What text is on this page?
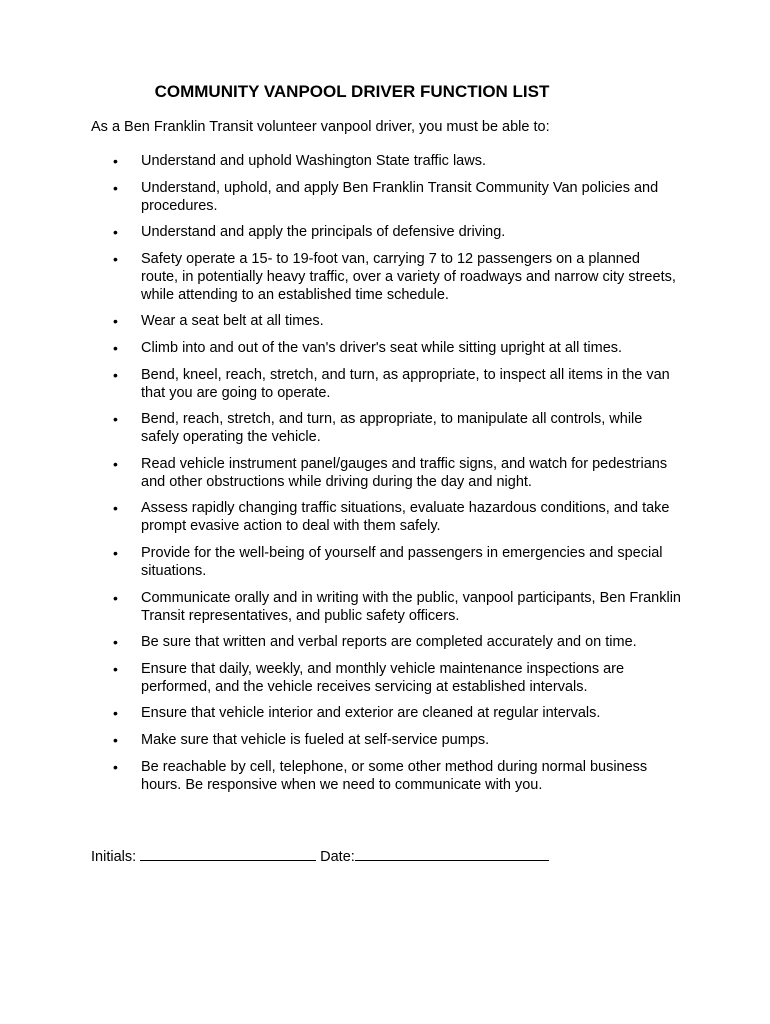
COMMUNITY VANPOOL DRIVER FUNCTION LIST
As a Ben Franklin Transit volunteer vanpool driver, you must be able to:
• Understand and uphold Washington State traffic laws.
• Understand, uphold, and apply Ben Franklin Transit Community Van policies and procedures.
• Understand and apply the principals of defensive driving.
• Safety operate a 15- to 19-foot van, carrying 7 to 12 passengers on a planned route, in potentially heavy traffic, over a variety of roadways and narrow city streets, while attending to an established time schedule.
• Wear a seat belt at all times.
• Climb into and out of the van's driver's seat while sitting upright at all times.
• Bend, kneel, reach, stretch, and turn, as appropriate, to inspect all items in the van that you are going to operate.
• Bend, reach, stretch, and turn, as appropriate, to manipulate all controls, while safely operating the vehicle.
• Read vehicle instrument panel/gauges and traffic signs, and watch for pedestrians and other obstructions while driving during the day and night.
• Assess rapidly changing traffic situations, evaluate hazardous conditions, and take prompt evasive action to deal with them safely.
• Provide for the well-being of yourself and passengers in emergencies and special situations.
• Communicate orally and in writing with the public, vanpool participants, Ben Franklin Transit representatives, and public safety officers.
• Be sure that written and verbal reports are completed accurately and on time.
• Ensure that daily, weekly, and monthly vehicle maintenance inspections are performed, and the vehicle receives servicing at established intervals.
• Ensure that vehicle interior and exterior are cleaned at regular intervals.
• Make sure that vehicle is fueled at self-service pumps.
• Be reachable by cell, telephone, or some other method during normal business hours. Be responsive when we need to communicate with you.
Initials:	Date:
